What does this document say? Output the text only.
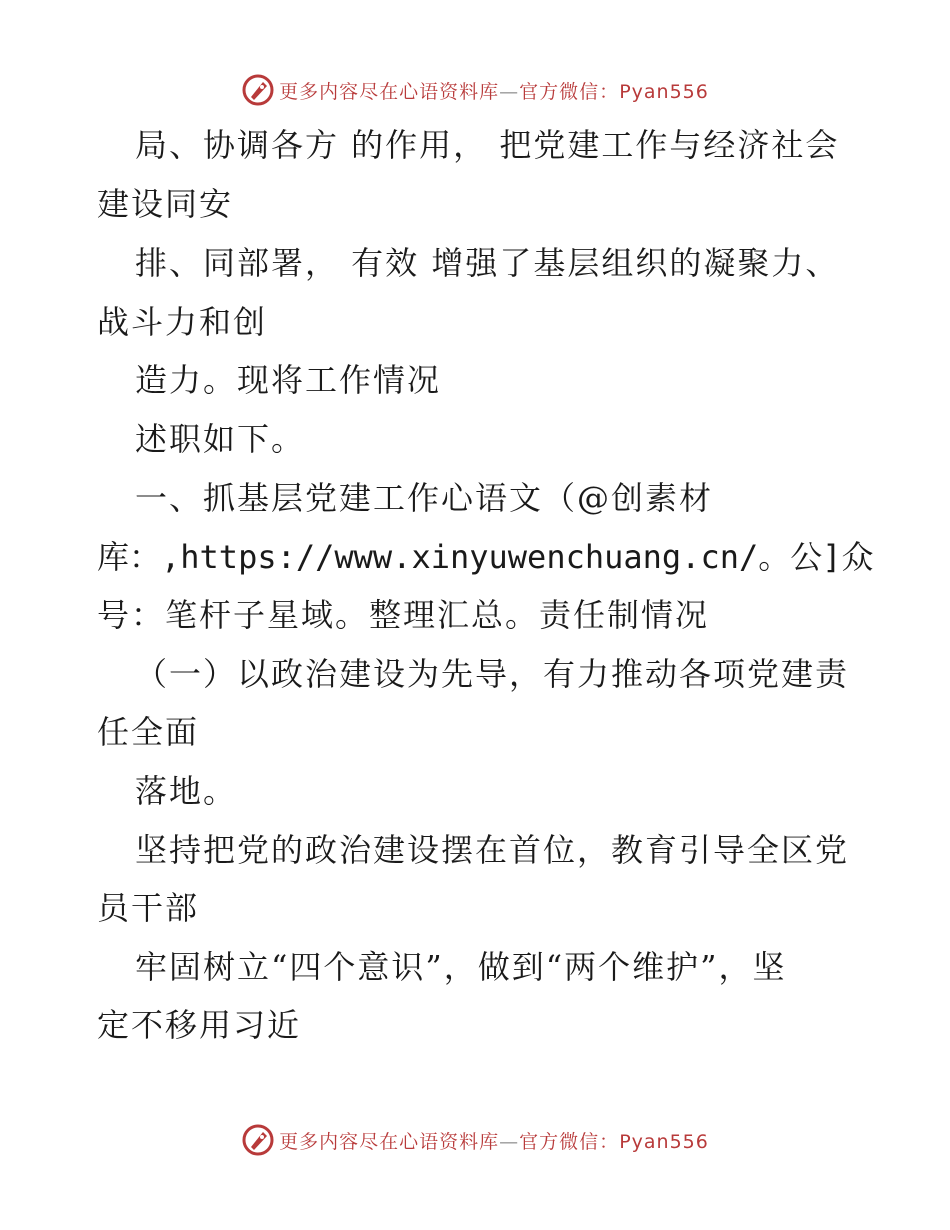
更多内容尽在心语资料库—官方微信：Pyan556
局、协调各方 的作用， 把党建工作与经济社会
建设同安
排、同部署， 有效 增强了基层组织的凝聚力、
战斗力和创
造力。现将工作情况
述职如下。
一、抓基层党建工作心语文（@创素材
库：,https://www.xinyuwenchuang.cn/。公]众
号：笔杆子星域。整理汇总。责任制情况
（一）以政治建设为先导，有力推动各项党建责
任全面
落地。
坚持把党的政治建设摆在首位，教育引导全区党
员干部
牢固树立“四个意识”，做到“两个维护”，坚
定不移用习近
更多内容尽在心语资料库—官方微信：Pyan556
